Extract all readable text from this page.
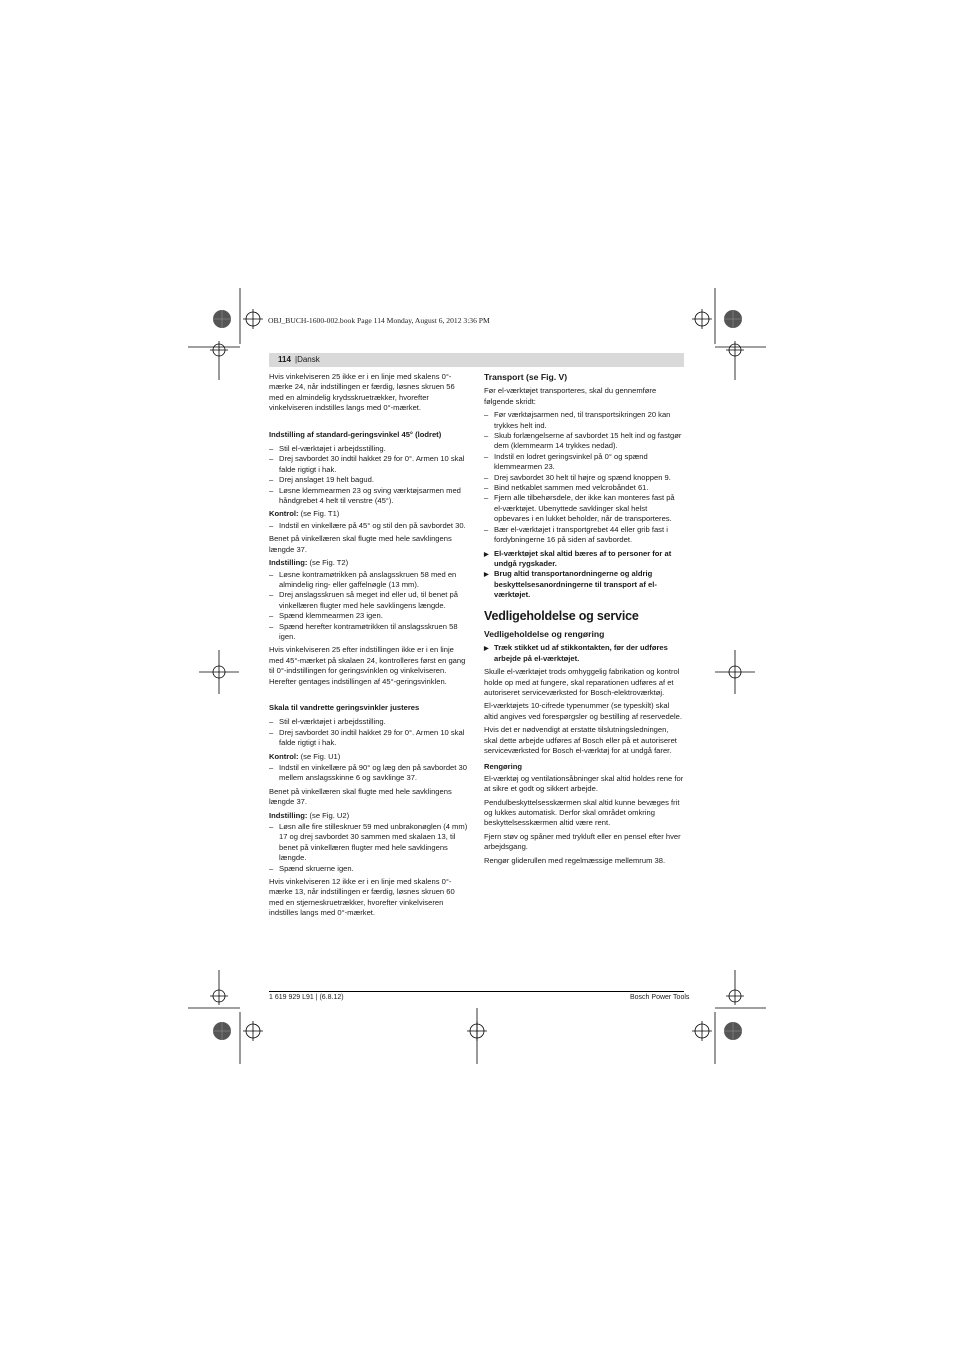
OBJ_BUCH-1600-002.book Page 114 Monday, August 6, 2012 3:36 PM
114 |Dansk

Hvis vinkelviseren 25 ikke er i en linje med skalens 0°-mærke 24, når indstillingen er færdig, løsnes skruen 56 med en almindelig krydsskruetrækker, hvorefter vinkelviseren indstilles langs med 0°-mærket.

Indstilling af standard-geringsvinkel 45° (lodret)
– Stil el-værktøjet i arbejdsstilling.
– Drej savbordet 30 indtil hakket 29 for 0°. Armen 10 skal falde rigtigt i hak.
– Drej anslaget 19 helt bagud.
– Løsne klemmearmen 23 og sving værktøjsarmen med håndgrebet 4 helt til venstre (45°).
Kontrol: (se Fig. T1)
– Indstil en vinkellære på 45° og stil den på savbordet 30.

Benet på vinkellæren skal flugte med hele savklingens længde 37.

Indstilling: (se Fig. T2)
– Løsne kontramøtrikken på anslagsskruen 58 med en almindelig ring- eller gaffelnøgle (13 mm).
– Drej anslagsskruen så meget ind eller ud, til benet på vinkellæren flugter med hele savklingens længde.
– Spænd klemmearmen 23 igen.
– Spænd herefter kontramøtrikken til anslagsskruen 58 igen.

Hvis vinkelviseren 25 efter indstillingen ikke er i en linje med 45°-mærket på skalaen 24, kontrolleres først en gang til 0°-indstillingen for geringsvinklen og vinkelviseren. Herefter gentages indstillingen af 45°-geringsvinklen.

Skala til vandrette geringsvinkler justeres
– Stil el-værktøjet i arbejdsstilling.
– Drej savbordet 30 indtil hakket 29 for 0°. Armen 10 skal falde rigtigt i hak.
Kontrol: (se Fig. U1)
– Indstil en vinkellære på 90° og læg den på savbordet 30 mellem anslagsskinne 6 og savklinge 37.

Benet på vinkellæren skal flugte med hele savklingens længde 37.

Indstilling: (se Fig. U2)
– Løsn alle fire stilleskruer 59 med unbrakonøglen (4 mm) 17 og drej savbordet 30 sammen med skalaen 13, til benet på vinkellæren flugter med hele savklingens længde.
– Spænd skruerne igen.

Hvis vinkelviseren 12 ikke er i en linje med skalens 0°-mærke 13, når indstillingen er færdig, løsnes skruen 60 med en stjerneskruetrækker, hvorefter vinkelviseren indstilles langs med 0°-mærket.

Transport (se Fig. V)

Før el-værktøjet transporteres, skal du gennemføre følgende skridt:

– Før værktøjsarmen ned, til transportsikringen 20 kan trykkes helt ind.
– Skub forlængelserne af savbordet 15 helt ind og fastgør dem (klemmearm 14 trykkes nedad).
– Indstil en lodret geringsvinkel på 0° og spænd klemmearmen 23.
– Drej savbordet 30 helt til højre og spænd knoppen 9.
– Bind netkablet sammen med velcrobåndet 61.
– Fjern alle tilbehørsdele, der ikke kan monteres fast på el-værktøjet. Ubenyttede savklinger skal helst opbevares i en lukket beholder, når de transporteres.
– Bær el-værktøjet i transportgrebet 44 eller grib fast i fordybningerne 16 på siden af savbordet.
▶ El-værktøjet skal altid bæres af to personer for at undgå rygskader.
▶ Brug altid transportanordningerne og aldrig beskyttelsesanordningerne til transport af el-værktøjet.
Vedligeholdelse og service
Vedligeholdelse og rengøring
▶ Træk stikket ud af stikkontakten, før der udføres arbejde på el-værktøjet.

Skulle el-værktøjet trods omhyggelig fabrikation og kontrol holde op med at fungere, skal reparationen udføres af et autoriseret serviceværksted for Bosch-elektroværktøj.

El-værktøjets 10-cifrede typenummer (se typeskilt) skal altid angives ved forespørgsler og bestilling af reservedele.

Hvis det er nødvendigt at erstatte tilslutningsledningen, skal dette arbejde udføres af Bosch eller på et autoriseret serviceværksted for Bosch el-værktøj for at undgå farer.

Rengøring

El-værktøj og ventilationsåbninger skal altid holdes rene for at sikre et godt og sikkert arbejde.

Pendulbeskyttelsesskærmen skal altid kunne bevæges frit og lukkes automatisk. Derfor skal området omkring beskyttelsesskærmen altid være rent.

Fjern støv og spåner med trykluft eller en pensel efter hver arbejdsgang.

Rengør gliderullen med regelmæssige mellemrum 38.

1 619 929 L91 | (6.8.12)	Bosch Power Tools
